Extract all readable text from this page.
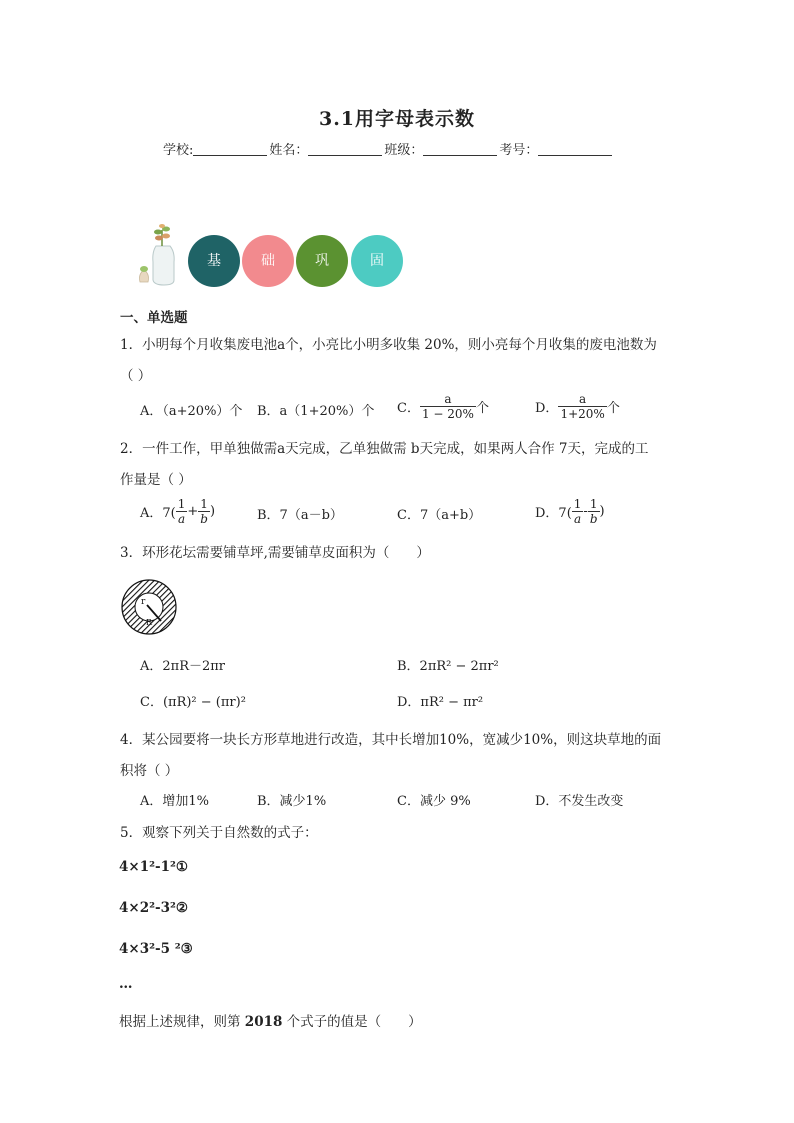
3.1用字母表示数
学校:	姓名：	班级：	考号：
基	础	巩	固
一、单选题
1．小明每个月收集废电池a个，小亮比小明多收集 20%，则小亮每个月收集的废电池数为
（ ）
A．（a+20%）个 B．a（1+20%）个 C． $\frac{a}{1 - 20\%}$ 个	D． $\frac{a}{1+20\%}$ 个
2．一件工作，甲单独做需a天完成，乙单独做需 b天完成，如果两人合作 7天，完成的工
作量是（ ）
A．$7( \frac{1}{a} + \frac{1}{b}$ )	B．7（a－b）	C．7（a+b）	D．$7( \frac{1}{a} - \frac{1}{b}$ )
3．环形花坛需要铺草坪,需要铺草皮面积为（　　）
r
R
A．2πR－2πr	B．2πR² − 2πr²
C．(πR)² − (πr)²	D．πR² − πr²
4．某公园要将一块长方形草地进行改造，其中长增加10%，宽减少10%，则这块草地的面
积将（ ）
A．增加1%	B．减少1%	C．减少 9%	D．不发生改变
5．观察下列关于自然数的式子：
4×1²-1²①
4×2²-3²②
4×3²-5 ²③
…
根据上述规律，则第 2018 个式子的值是（　　）
